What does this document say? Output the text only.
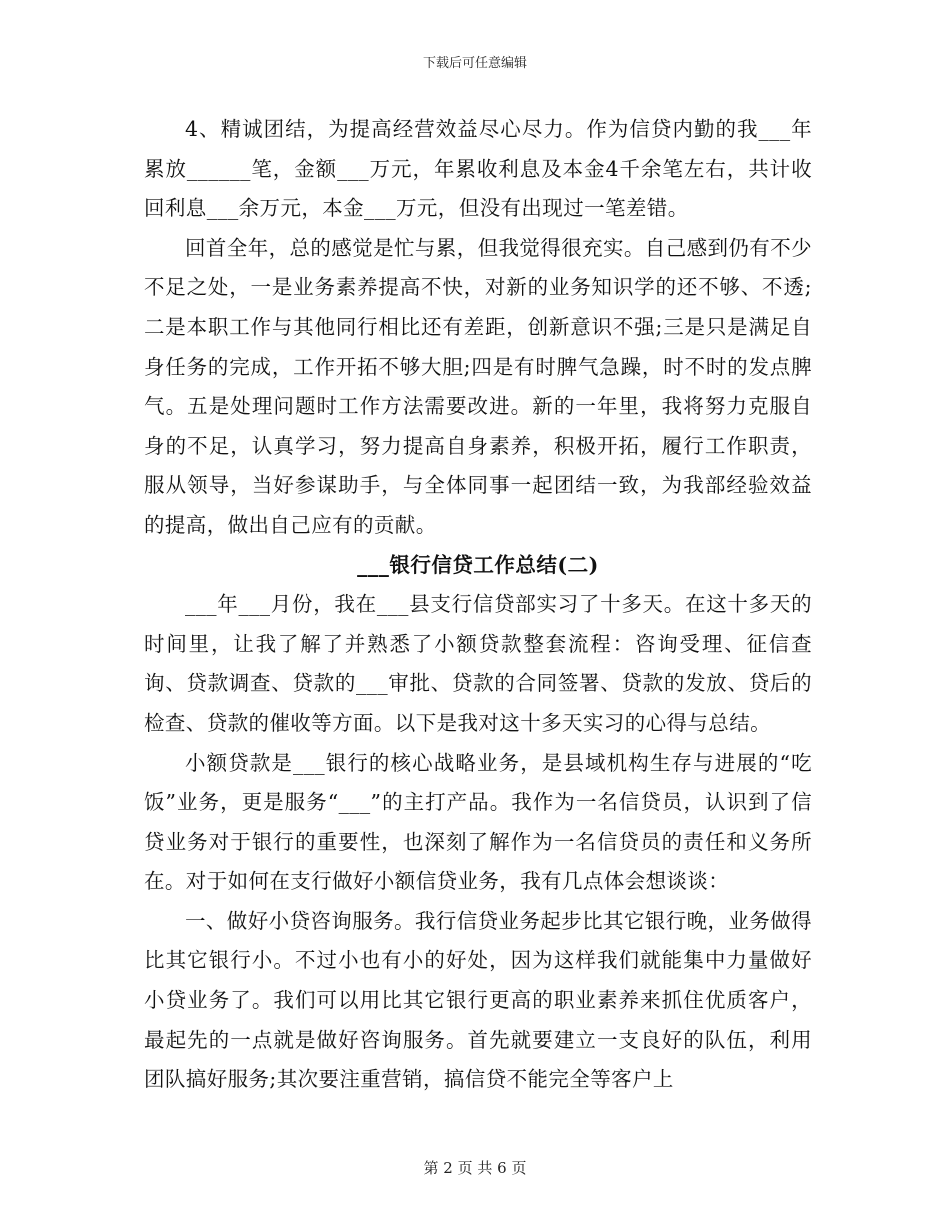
下载后可任意编辑

4、精诚团结，为提高经营效益尽心尽力。作为信贷内勤的我___年累放______笔，金额___万元，年累收利息及本金4千余笔左右，共计收回利息___余万元，本金___万元，但没有出现过一笔差错。

回首全年，总的感觉是忙与累，但我觉得很充实。自己感到仍有不少不足之处，一是业务素养提高不快，对新的业务知识学的还不够、不透;二是本职工作与其他同行相比还有差距，创新意识不强;三是只是满足自身任务的完成，工作开拓不够大胆;四是有时脾气急躁，时不时的发点脾气。五是处理问题时工作方法需要改进。新的一年里，我将努力克服自身的不足，认真学习，努力提高自身素养，积极开拓，履行工作职责，服从领导，当好参谋助手，与全体同事一起团结一致，为我部经验效益的提高，做出自己应有的贡献。

___银行信贷工作总结(二)

___年___月份，我在___县支行信贷部实习了十多天。在这十多天的时间里，让我了解了并熟悉了小额贷款整套流程：咨询受理、征信查询、贷款调查、贷款的___审批、贷款的合同签署、贷款的发放、贷后的检查、贷款的催收等方面。以下是我对这十多天实习的心得与总结。

小额贷款是___银行的核心战略业务，是县域机构生存与进展的“吃饭”业务，更是服务“___”的主打产品。我作为一名信贷员，认识到了信贷业务对于银行的重要性，也深刻了解作为一名信贷员的责任和义务所在。对于如何在支行做好小额信贷业务，我有几点体会想谈谈：

一、做好小贷咨询服务。我行信贷业务起步比其它银行晚，业务做得比其它银行小。不过小也有小的好处，因为这样我们就能集中力量做好小贷业务了。我们可以用比其它银行更高的职业素养来抓住优质客户，最起先的一点就是做好咨询服务。首先就要建立一支良好的队伍，利用团队搞好服务;其次要注重营销，搞信贷不能完全等客户上

第 2 页 共 6 页
